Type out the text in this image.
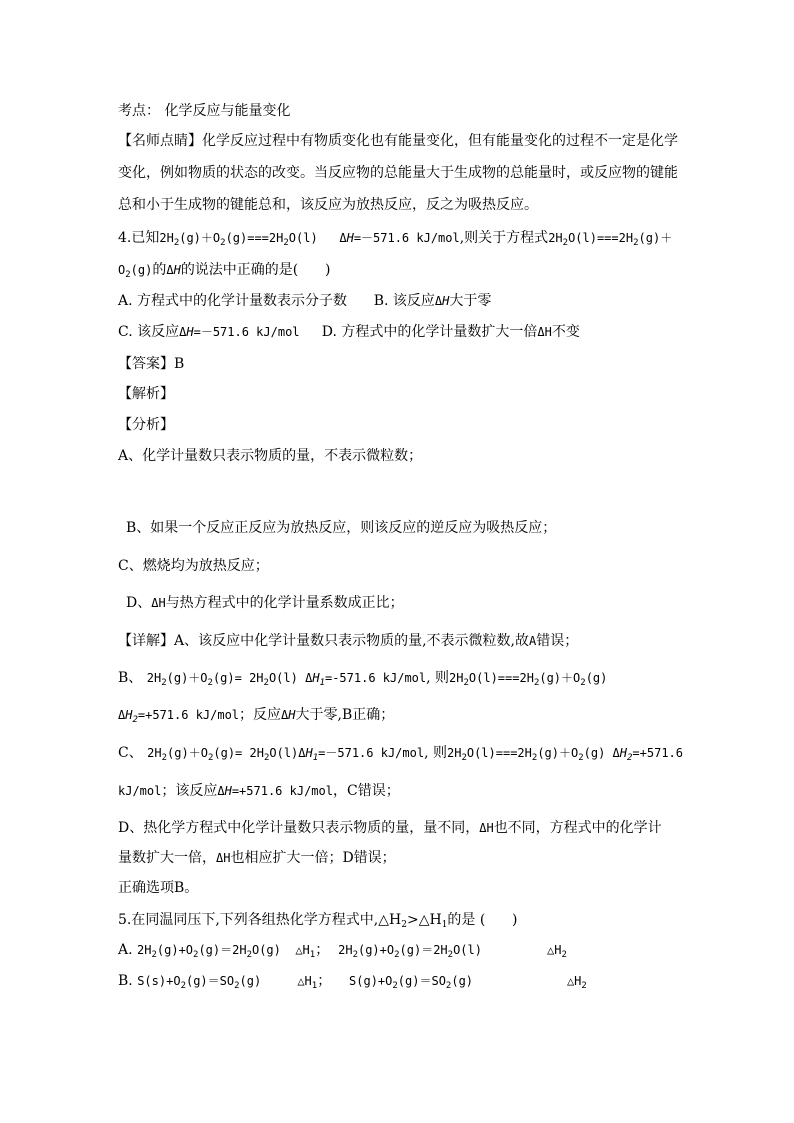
考点： 化学反应与能量变化
【名师点睛】化学反应过程中有物质变化也有能量变化，但有能量变化的过程不一定是化学
变化，例如物质的状态的改变。当反应物的总能量大于生成物的总能量时，或反应物的键能
总和小于生成物的键能总和，该反应为放热反应，反之为吸热反应。
4.已知$2H_2(g)+O_2(g)===2H_2O(l)$   ΔH=－571.6 kJ/mol,则关于方程式$2H_2O(l)===2H_2(g)+$
$O_2(g)$的ΔH的说法中正确的是(      )
A. 方程式中的化学计量数表示分子数      B. 该反应ΔH大于零
C. 该反应ΔH=－571.6 kJ/mol     D. 方程式中的化学计量数扩大一倍ΔH不变
【答案】B
【解析】
【分析】
A、化学计量数只表示物质的量，不表示微粒数；
B、如果一个反应正反应为放热反应，则该反应的逆反应为吸热反应；
C、燃烧均为放热反应；
D、ΔH与热方程式中的化学计量系数成正比；
【详解】A、该反应中化学计量数只表示物质的量,不表示微粒数,故A错误；
B、 $2H_2(g)+O_2(g)= 2H_2O(l)$ $\Delta H_1=-571.6$ kJ/mol, 则$2H_2O(l)===2H_2(g)+O_2(g)$
$\Delta H_2=+571.6$ kJ/mol；反应ΔH大于零,B正确；
C、 $2H_2(g)+O_2(g)= 2H_2O(l)\Delta H_1=-571.6$ kJ/mol, 则$2H_2O(l)===2H_2(g)+O_2(g)$ $\Delta H_2=+571.6$
kJ/mol；该反应ΔH=+571.6 kJ/mol，C错误；
D、热化学方程式中化学计量数只表示物质的量，量不同，ΔH也不同，方程式中的化学计
量数扩大一倍，ΔH也相应扩大一倍；D错误；
正确选项B。
5.在同温同压下,下列各组热化学方程式中$,\triangle H_2>\triangle H_1$的是 (      )
A. $2H_2(g)+O_2(g)=2H_2O(g)$  $\triangle H_1$；  $2H_2(g)+O_2(g)=2H_2O(l)$         $\triangle H_2$
B. $S(s)+O_2(g)=SO_2(g)$     $\triangle H_1$；    $S(g)+O_2(g)=SO_2(g)$             $\triangle H_2$
